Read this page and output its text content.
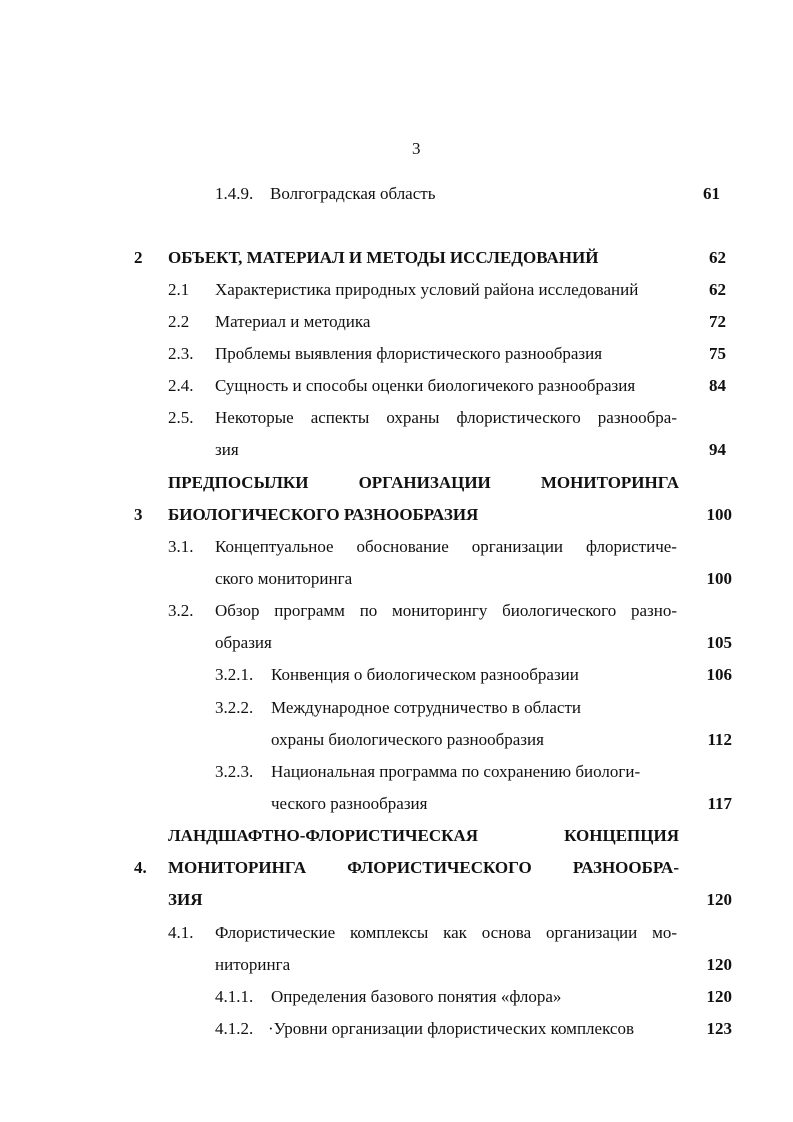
3
1.4.9. Волгоградская область	61
2 ОБЪЕКТ, МАТЕРИАЛ И МЕТОДЫ ИССЛЕДОВАНИЙ	62
2.1 Характеристика природных условий района исследований	62
2.2 Материал и методика	72
2.3. Проблемы выявления флористического разнообразия	75
2.4. Сущность и способы оценки биологичекого разнообразия	84
2.5. Некоторые аспекты охраны флористического разнообра-
зия	94
ПРЕДПОСЫЛКИ	ОРГАНИЗАЦИИ	МОНИТОРИНГА
3 БИОЛОГИЧЕСКОГО РАЗНООБРАЗИЯ	100
3.1. Концептуальное обоснование организации флористиче-
ского мониторинга	100
3.2. Обзор программ по мониторингу биологического разно-
образия	105
3.2.1. Конвенция о биологическом разнообразии	106
3.2.2. Международное сотрудничество в области
охраны биологического разнообразия	112
3.2.3. Национальная программа по сохранению биологи-
ческого разнообразия	117
ЛАНДШАФТНО-ФЛОРИСТИЧЕСКАЯ	КОНЦЕПЦИЯ
4. МОНИТОРИНГА ФЛОРИСТИЧЕСКОГО РАЗНООБРА-
ЗИЯ	120
4.1. Флористические комплексы как основа организации мо-
ниторинга	120
4.1.1. Определения базового понятия «флора»	120
4.1.2. ·Уровни организации флористических комплексов	123
